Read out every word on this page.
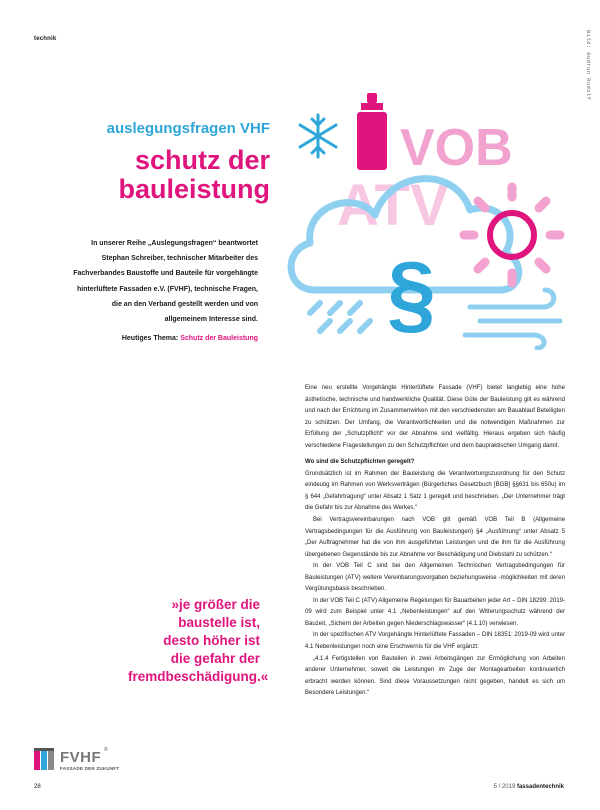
technik	Bild: Gudrun Rudolf
auslegungsfragen VHF
schutz der
bauleistung
In unserer Reihe „Auslegungsfragen“ beantwortet
Stephan Schreiber, technischer Mitarbeiter des
Fachverbandes Baustoffe und Bauteile für vorgehängte
hinterlüftete Fassaden e.V. (FVHF), technische Fragen,
die an den Verband gestellt werden und von
allgemeinem Interesse sind.
Heutiges Thema: Schutz der Bauleistung
VOB
ATV
§

Eine neu erstellte Vorgehängte Hinterlüftete Fassade (VHF) bietet langlebig eine hohe ästhetische, technische und handwerkliche Qualität. Diese Güte der Bauleistung gilt es während und nach der Errichtung im Zusammenwirken mit den verschiedensten am Bauablauf Beteiligten zu schützen. Der Umfang, die Verantwortlichkeiten und die notwendigen Maßnahmen zur Erfüllung der „Schutzpflicht“ vor der Abnahme sind vielfältig. Hieraus ergeben sich häufig verschiedene Fragestellungen zu den Schutzpflichten und dem baupraktischen Umgang damit.

Wo sind die Schutzpflichten geregelt?

Grundsätzlich ist im Rahmen der Bauleistung die Verantwortungszuordnung für den Schutz eindeutig im Rahmen von Werksverträgen (Bürgerliches Gesetzbuch [BGB] §§631 bis 650u) im § 644 „Gefahrtragung“ unter Absatz 1 Satz 1 geregelt und beschrieben. „Der Unternehmer trägt die Gefahr bis zur Abnahme des Werkes.“

Bei Vertragsvereinbarungen nach VOB gilt gemäß VOB Teil B (Allgemeine Vertragsbedingungen für die Ausführung von Bauleistungen) §4 „Ausführung“ unter Absatz 5 „Der Auftragnehmer hat die von ihm ausgeführten Leistungen und die ihm für die Ausführung übergebenen Gegenstände bis zur Abnahme vor Beschädigung und Diebstahl zu schützen.“

In der VOB Teil C sind bei den Allgemeinen Technischen Vertragsbedingungen für Bauleistungen (ATV) weitere Vereinbarungsvorgaben beziehungsweise -möglichkeiten mit deren Vergütungsbasis beschrieben.

In der VOB Teil C (ATV) Allgemeine Regelungen für Bauarbeiten jeder Art – DIN 18299: 2019-09 wird zum Beispiel unter 4.1 „Nebenleistungen“ auf den Witterungsschutz während der Bauzeit, „Sichern der Arbeiten gegen Niederschlagswasser“ (4.1.10) verwiesen.

In der spezifischen ATV Vorgehängte Hinterlüftete Fassaden – DIN 18351: 2019-09 wird unter 4.1 Nebenleistungen noch eine Erschwernis für die VHF ergänzt:

„4.1.4 Fertigstellen von Bauteilen in zwei Arbeitsgängen zur Ermöglichung von Arbeiten anderer Unternehmer, soweit die Leistungen im Zuge der Montagearbeiten kontinuierlich erbracht werden können. Sind diese Voraussetzungen nicht gegeben, handelt es sich um Besondere Leistungen.“

»je größer die
baustelle ist,
desto höher ist
die gefahr der
fremdbeschädigung.«
FVHF ®
FASSADE DER ZUKUNFT
28	5 / 2019 fassadentechnik
